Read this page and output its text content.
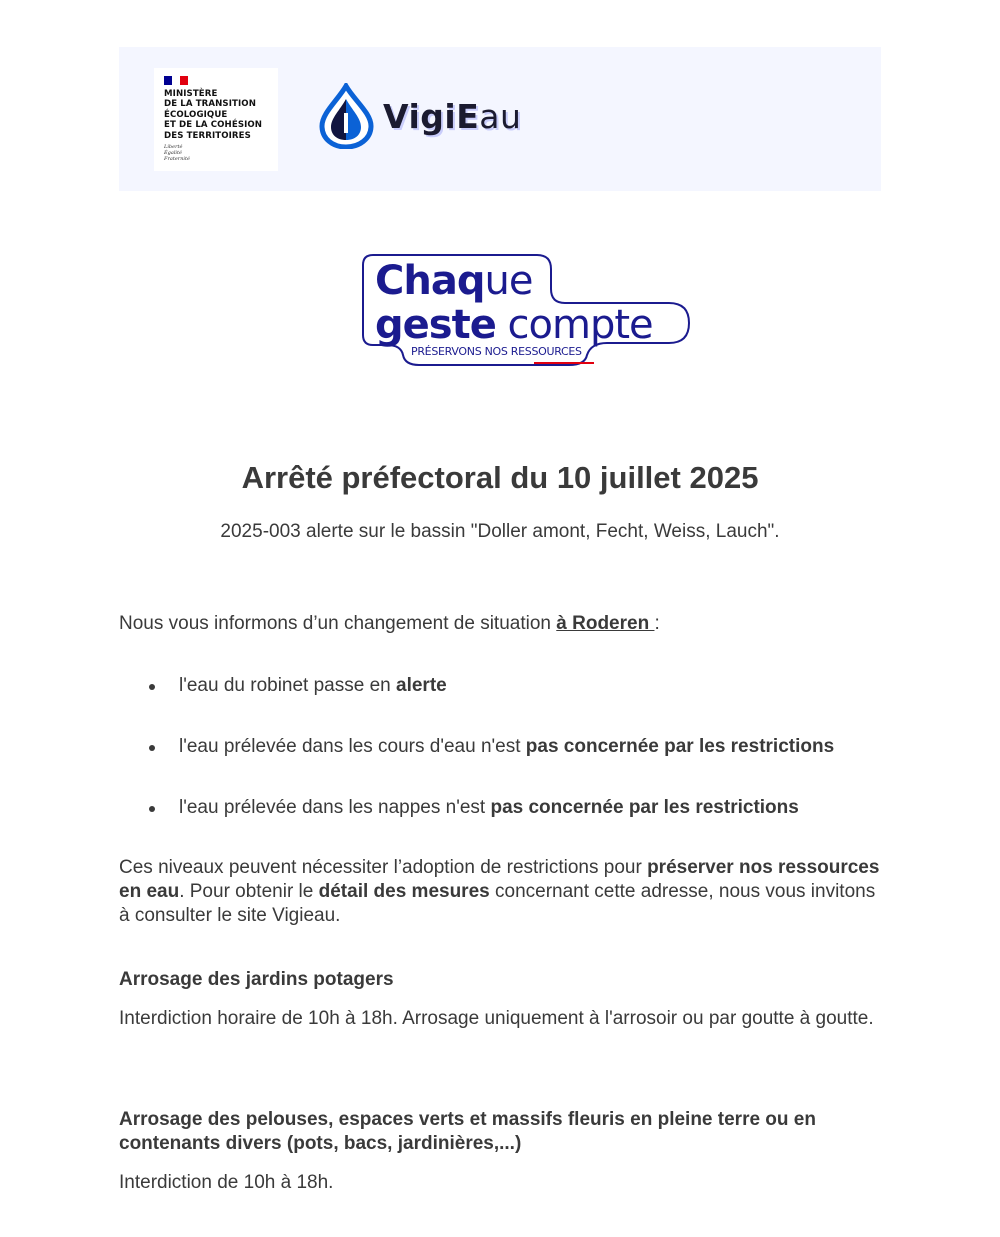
MINISTÈRE
DE LA TRANSITION
ÉCOLOGIQUE
ET DE LA COHÉSION
DES TERRITOIRES
Liberté
Égalité
Fraternité
VigiEau
Chaque
geste compte
PRÉSERVONS NOS RESSOURCES
Arrêté préfectoral du 10 juillet 2025
2025-003 alerte sur le bassin "Doller amont, Fecht, Weiss, Lauch".
Nous vous informons d’un changement de situation à Roderen :
l'eau du robinet passe en alerte
l'eau prélevée dans les cours d'eau n'est pas concernée par les restrictions
l'eau prélevée dans les nappes n'est pas concernée par les restrictions
Ces niveaux peuvent nécessiter l’adoption de restrictions pour préserver nos ressources en eau. Pour obtenir le détail des mesures concernant cette adresse, nous vous invitons à consulter le site Vigieau.
Arrosage des jardins potagers
Interdiction horaire de 10h à 18h. Arrosage uniquement à l'arrosoir ou par goutte à goutte.
Arrosage des pelouses, espaces verts et massifs fleuris en pleine terre ou en contenants divers (pots, bacs, jardinières,...)
Interdiction de 10h à 18h.
